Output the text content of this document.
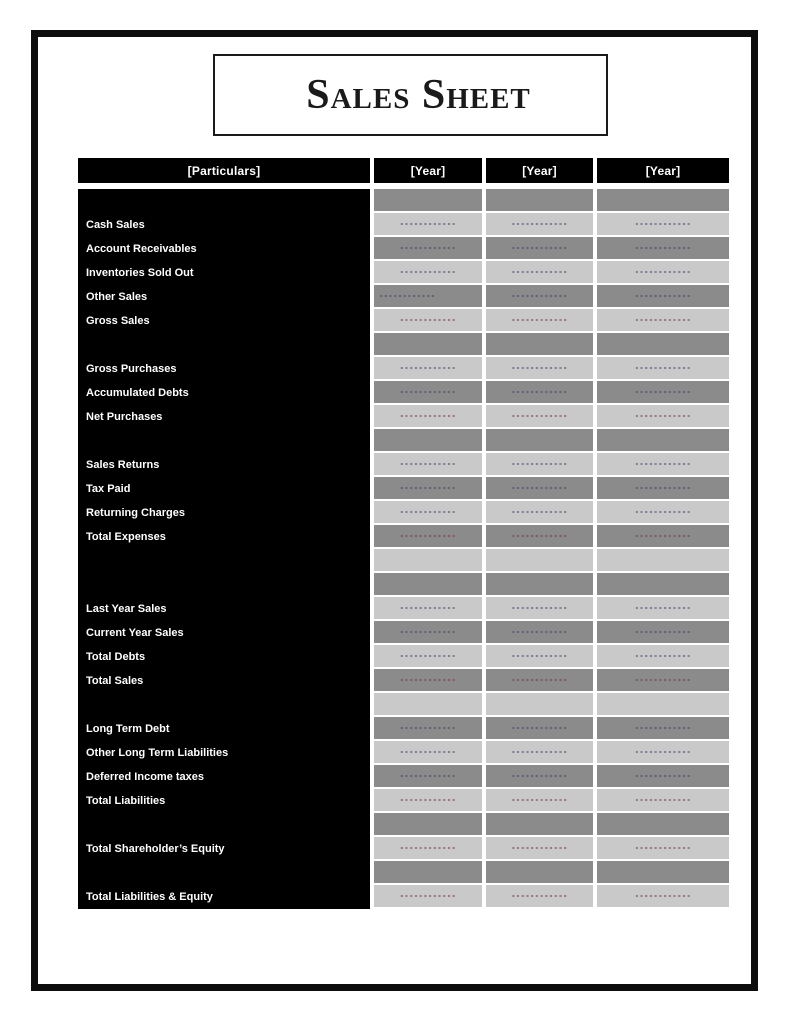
Sales Sheet
[Particulars]	[Year]	[Year]	[Year]
Cash Sales	------------	------------	------------
Account Receivables	------------	------------	------------
Inventories Sold Out	------------	------------	------------
Other Sales	------------	------------	------------
Gross Sales	------------	------------	------------
Gross Purchases	------------	------------	------------
Accumulated Debts	------------	------------	------------
Net Purchases	------------	------------	------------
Sales Returns	------------	------------	------------
Tax Paid	------------	------------	------------
Returning Charges	------------	------------	------------
Total Expenses	------------	------------	------------
Last Year Sales	------------	------------	------------
Current Year Sales	------------	------------	------------
Total Debts	------------	------------	------------
Total Sales	------------	------------	------------
Long Term Debt	------------	------------	------------
Other Long Term Liabilities	------------	------------	------------
Deferred Income taxes	------------	------------	------------
Total Liabilities	------------	------------	------------
Total Shareholder’s Equity	------------	------------	------------
Total Liabilities & Equity	------------	------------	------------
